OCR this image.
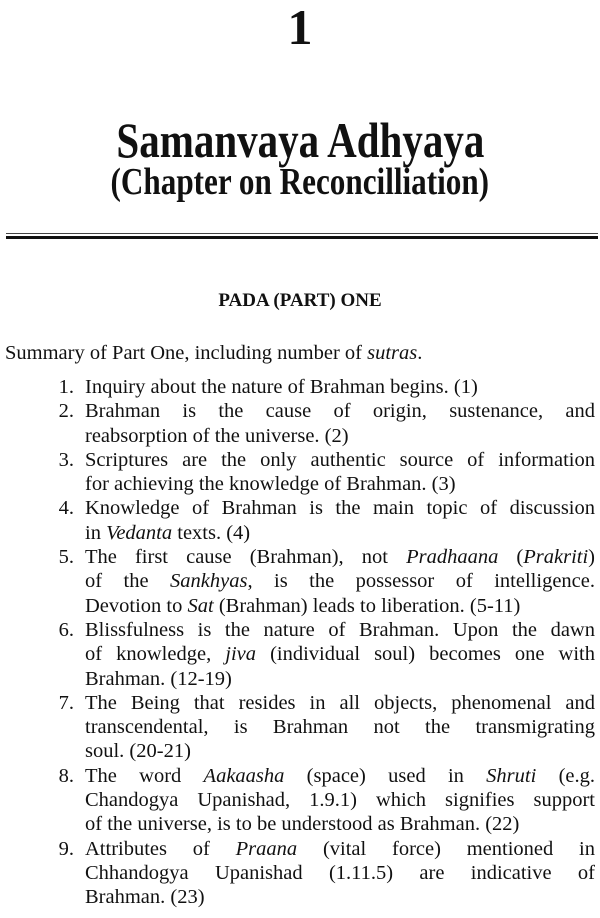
1
Samanvaya Adhyaya
(Chapter on Reconcilliation)
PADA (PART) ONE
Summary of Part One, including number of sutras.
1. Inquiry about the nature of Brahman begins. (1)
2. Brahman is the cause of origin, sustenance, and
reabsorption of the universe. (2)
3. Scriptures are the only authentic source of information
for achieving the knowledge of Brahman. (3)
4. Knowledge of Brahman is the main topic of discussion
in Vedanta texts. (4)
5. The first cause (Brahman), not Pradhaana (Prakriti)
of the Sankhyas, is the possessor of intelligence.
Devotion to Sat (Brahman) leads to liberation. (5-11)
6. Blissfulness is the nature of Brahman. Upon the dawn
of knowledge, jiva (individual soul) becomes one with
Brahman. (12-19)
7. The Being that resides in all objects, phenomenal and
transcendental, is Brahman not the transmigrating
soul. (20-21)
8. The word Aakaasha (space) used in Shruti (e.g.
Chandogya Upanishad, 1.9.1) which signifies support
of the universe, is to be understood as Brahman. (22)
9. Attributes of Praana (vital force) mentioned in
Chhandogya Upanishad (1.11.5) are indicative of
Brahman. (23)
